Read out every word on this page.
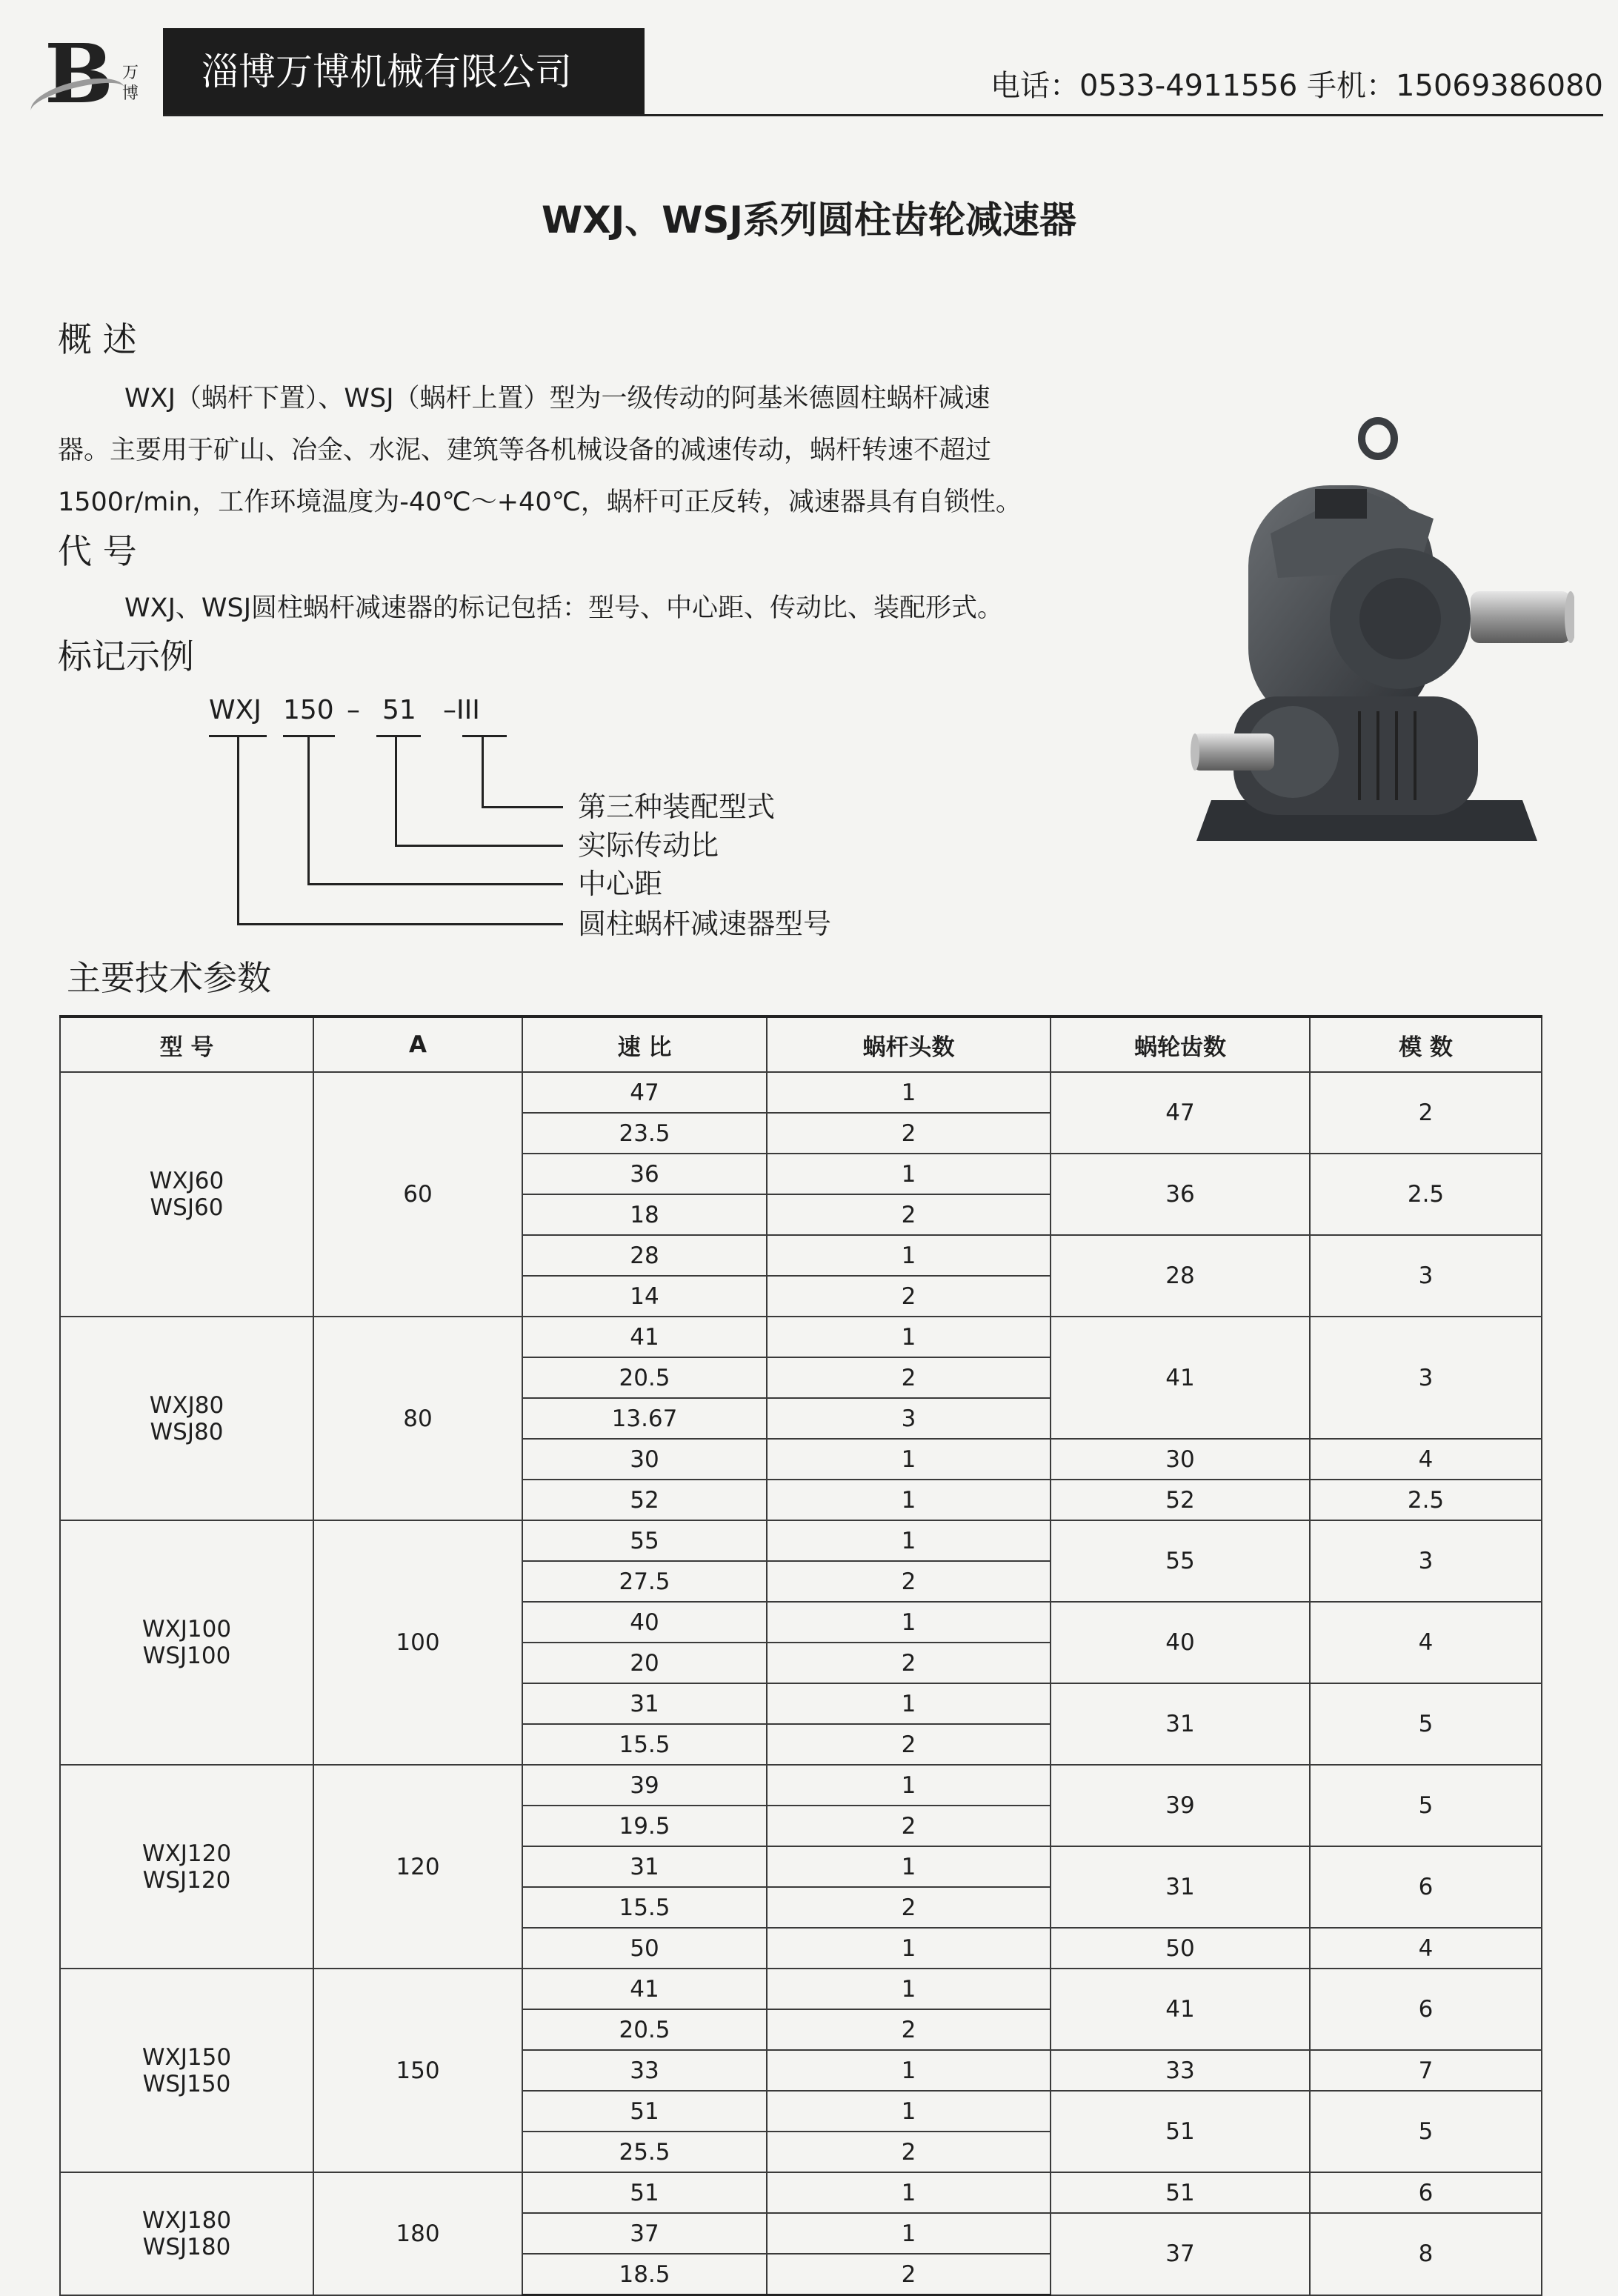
B 万
博
淄博万博机械有限公司	电话：0533-4911556 手机：15069386080
WXJ、WSJ系列圆柱齿轮减速器
概 述
WXJ（蜗杆下置）、WSJ（蜗杆上置）型为一级传动的阿基米德圆柱蜗杆减速
器。主要用于矿山、冶金、水泥、建筑等各机械设备的减速传动，蜗杆转速不超过
1500r/min，工作环境温度为-40℃～+40℃，蜗杆可正反转，减速器具有自锁性。
代 号
WXJ、WSJ圆柱蜗杆减速器的标记包括：型号、中心距、传动比、装配形式。
标记示例
WXJ 150 – 51 –III
第三种装配型式
实际传动比
中心距
圆柱蜗杆减速器型号
主要技术参数
型 号	A	速 比	蜗杆头数	蜗轮齿数	模 数

WXJ60
WSJ60	60	47	1	47	2
		23.5	2		
		36	1	36	2.5
		18	2		
		28	1	28	3
		14	2		

WXJ80
WSJ80	80	41	1	41	3
		20.5	2		
		13.67	3		
		30	1	30	4
		52	1	52	2.5

WXJ100
WSJ100	100	55	1	55	3
		27.5	2		
		40	1	40	4
		20	2		
		31	1	31	5
		15.5	2		

WXJ120
WSJ120	120	39	1	39	5
		19.5	2		
		31	1	31	6
		15.5	2		
		50	1	50	4

WXJ150
WSJ150	150	41	1	41	6
		20.5	2		
		33	1	33	7
		51	1	51	5
		25.5	2		

WXJ180
WSJ180	180	51	1	51	6
		37	1	37	8
		18.5	2		
